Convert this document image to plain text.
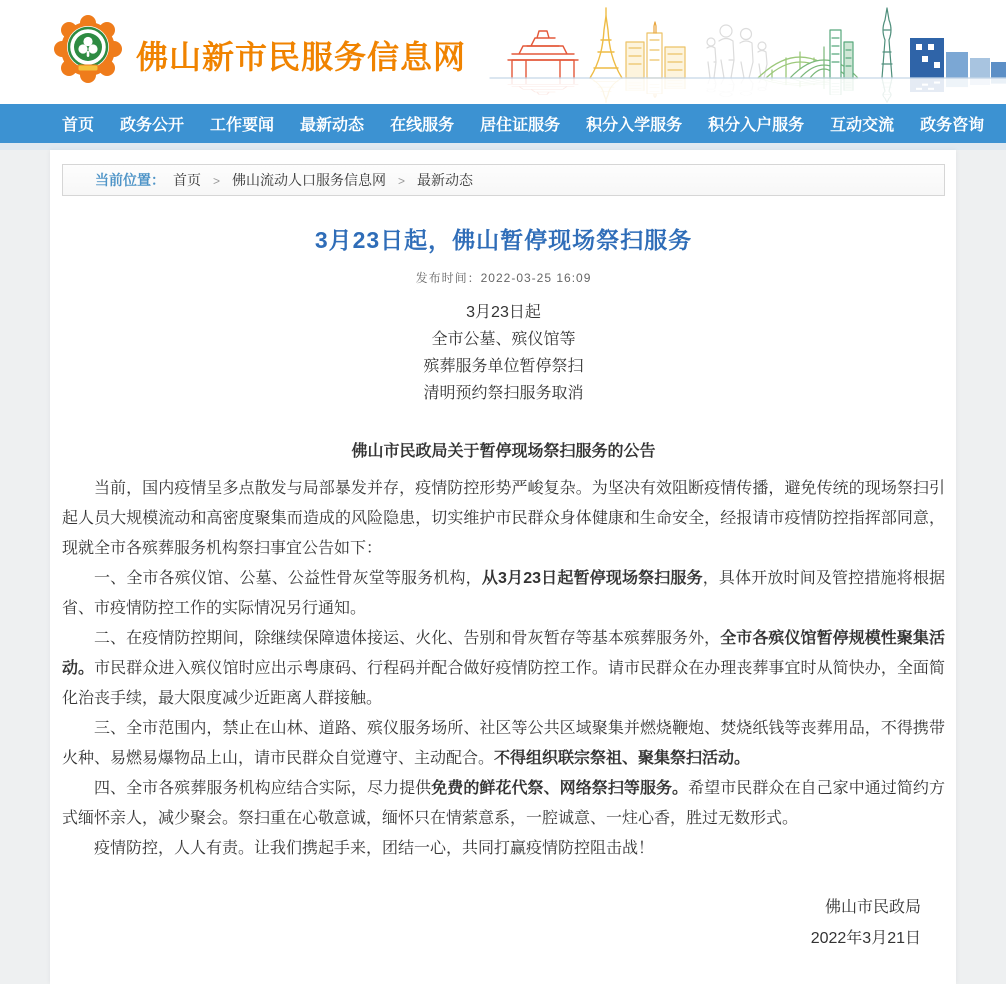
佛山新市民服务信息网
首页 政务公开 工作要闻 最新动态 在线服务 居住证服务 积分入学服务 积分入户服务 互动交流 政务咨询
当前位置： 首页 > 佛山流动人口服务信息网 > 最新动态
3月23日起，佛山暂停现场祭扫服务
发布时间：2022-03-25 16:09

3月23日起

全市公墓、殡仪馆等

殡葬服务单位暂停祭扫

清明预约祭扫服务取消

佛山市民政局关于暂停现场祭扫服务的公告

当前，国内疫情呈多点散发与局部暴发并存，疫情防控形势严峻复杂。为坚决有效阻断疫情传播，避免传统的现场祭扫引起人员大规模流动和高密度聚集而造成的风险隐患，切实维护市民群众身体健康和生命安全，经报请市疫情防控指挥部同意，现就全市各殡葬服务机构祭扫事宜公告如下：

一、全市各殡仪馆、公墓、公益性骨灰堂等服务机构，从3月23日起暂停现场祭扫服务，具体开放时间及管控措施将根据省、市疫情防控工作的实际情况另行通知。

二、在疫情防控期间，除继续保障遗体接运、火化、告别和骨灰暂存等基本殡葬服务外，全市各殡仪馆暂停规模性聚集活动。市民群众进入殡仪馆时应出示粤康码、行程码并配合做好疫情防控工作。请市民群众在办理丧葬事宜时从简快办，全面简化治丧手续，最大限度减少近距离人群接触。

三、全市范围内，禁止在山林、道路、殡仪服务场所、社区等公共区域聚集并燃烧鞭炮、焚烧纸钱等丧葬用品，不得携带火种、易燃易爆物品上山，请市民群众自觉遵守、主动配合。不得组织联宗祭祖、聚集祭扫活动。

四、全市各殡葬服务机构应结合实际，尽力提供免费的鲜花代祭、网络祭扫等服务。希望市民群众在自己家中通过简约方式缅怀亲人，减少聚会。祭扫重在心敬意诚，缅怀只在情萦意系，一腔诚意、一炷心香，胜过无数形式。

疫情防控，人人有责。让我们携起手来，团结一心，共同打赢疫情防控阻击战！

佛山市民政局

2022年3月21日
